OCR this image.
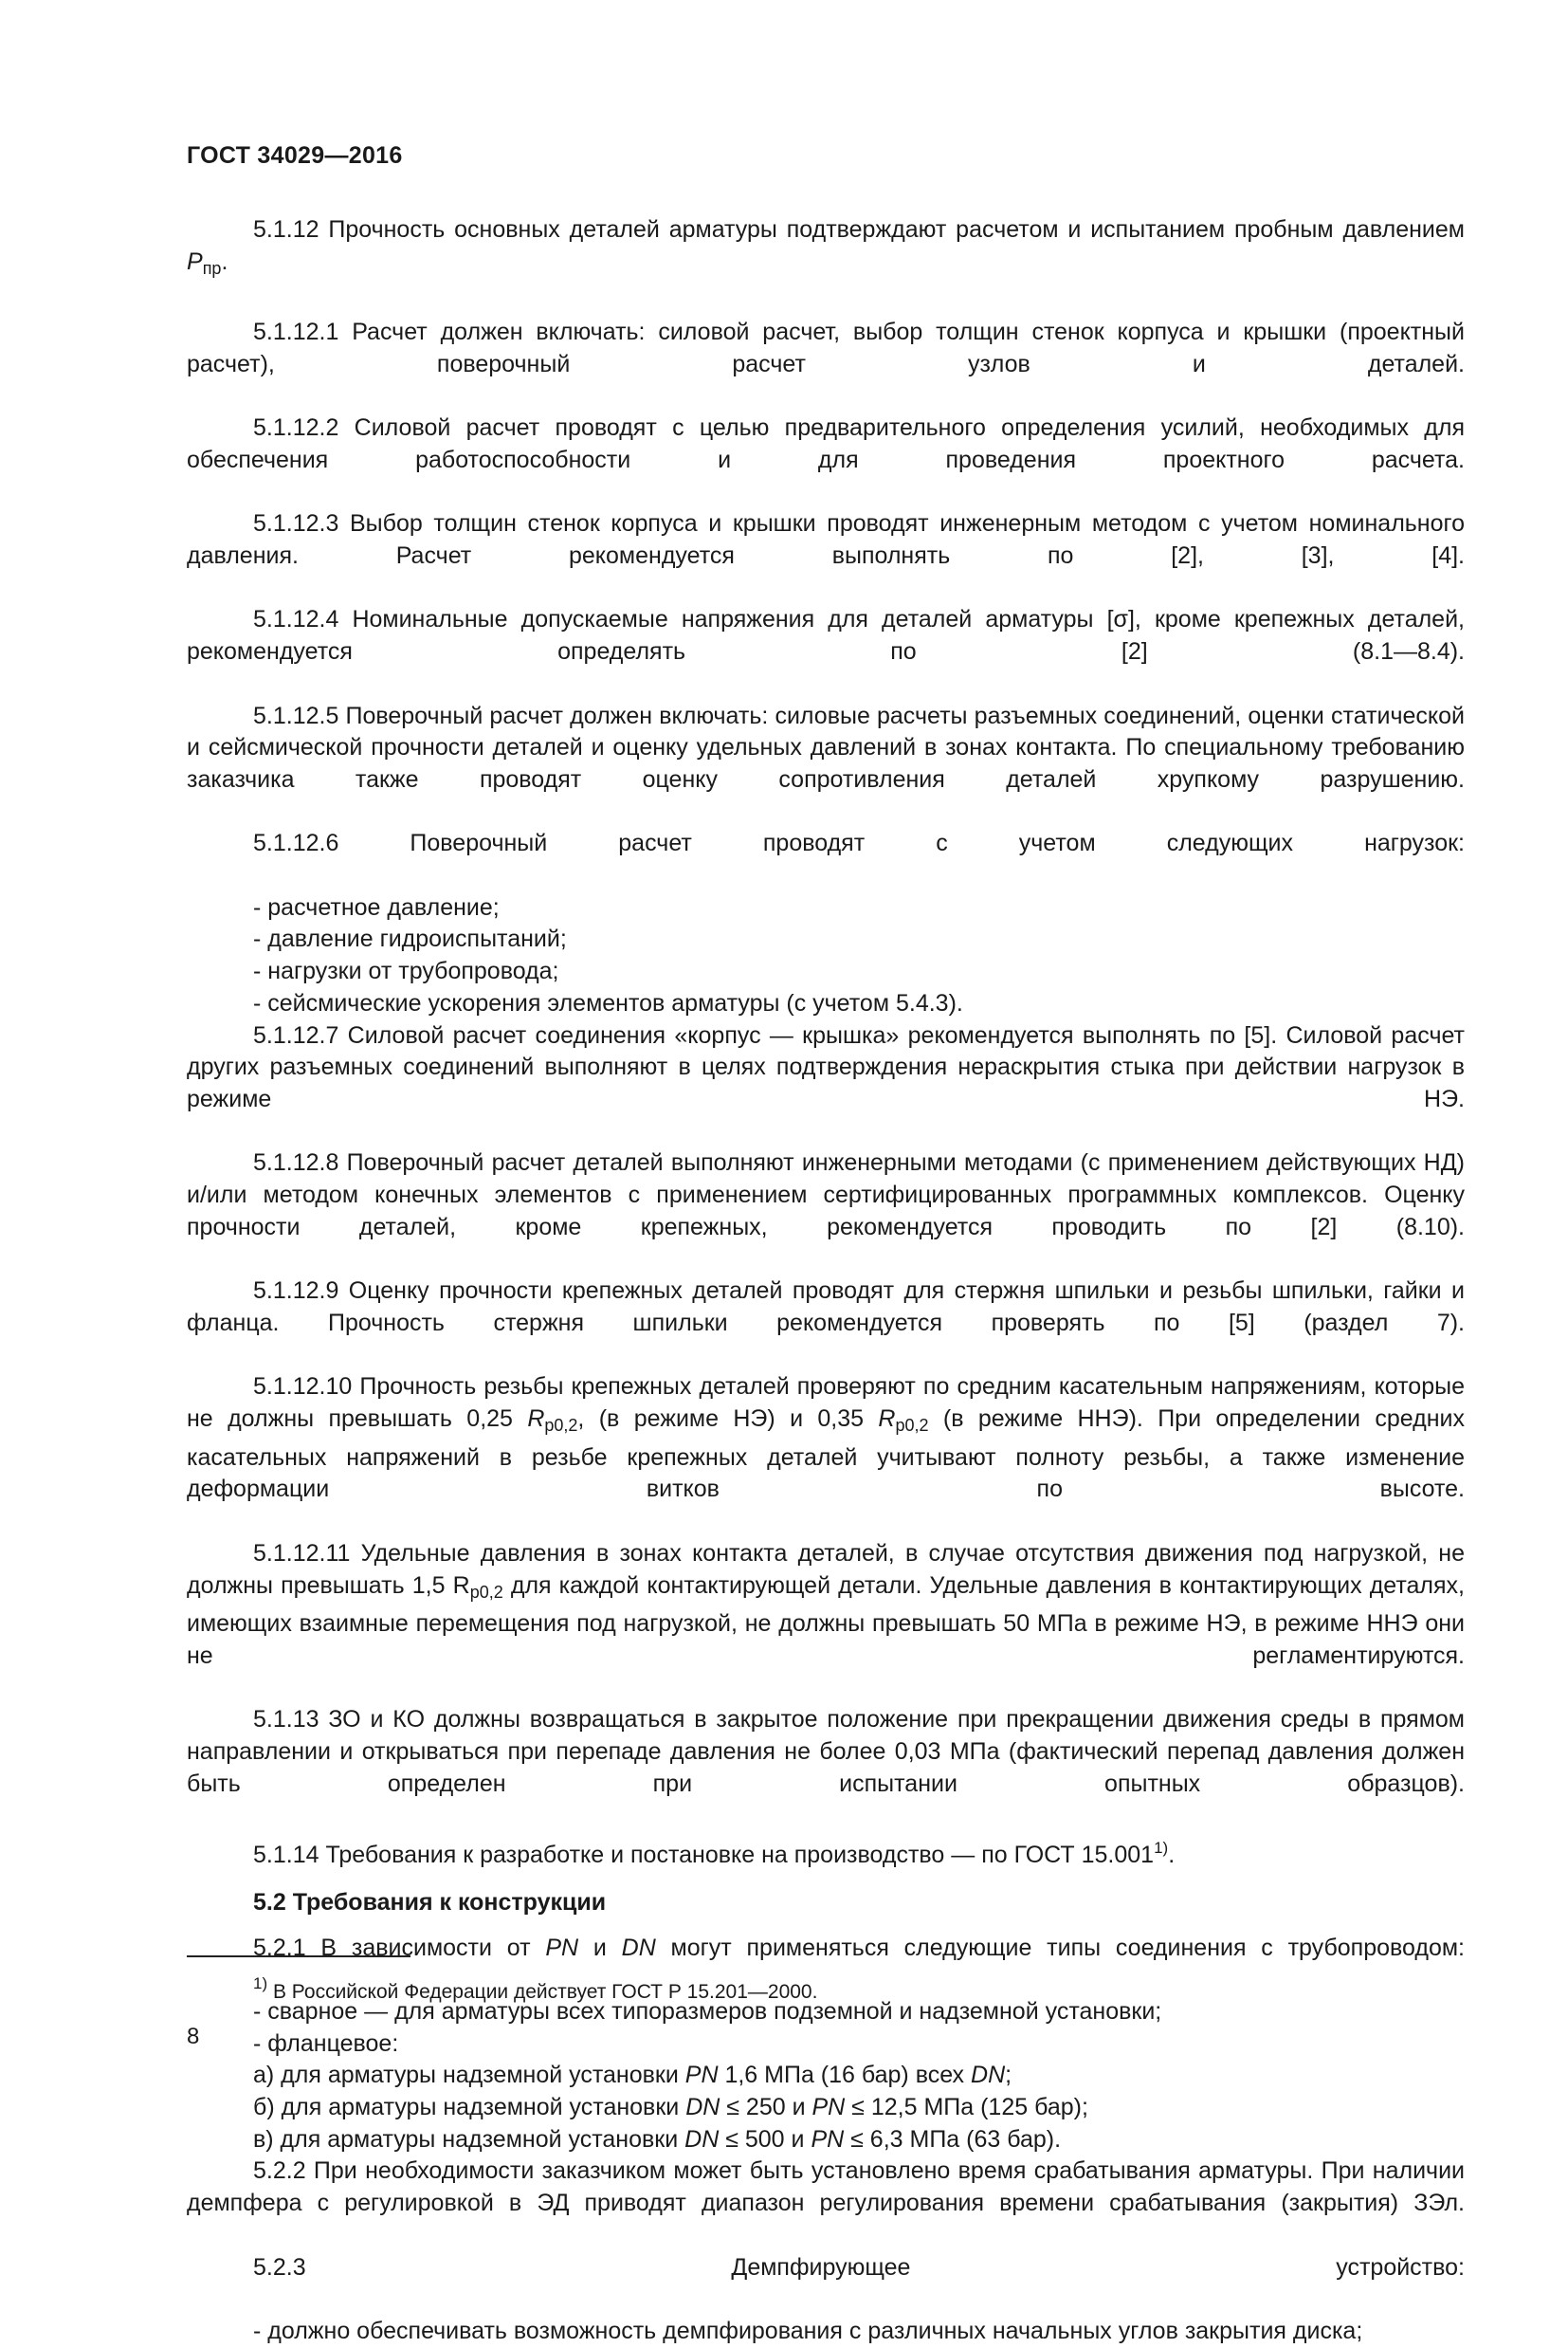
ГОСТ 34029—2016

5.1.12 Прочность основных деталей арматуры подтверждают расчетом и испытанием пробным давлением $P_{пр}$.

5.1.12.1 Расчет должен включать: силовой расчет, выбор толщин стенок корпуса и крышки (проектный расчет), поверочный расчет узлов и деталей.

5.1.12.2 Силовой расчет проводят с целью предварительного определения усилий, необходимых для обеспечения работоспособности и для проведения проектного расчета.

5.1.12.3 Выбор толщин стенок корпуса и крышки проводят инженерным методом с учетом номинального давления. Расчет рекомендуется выполнять по [2], [3], [4].

5.1.12.4 Номинальные допускаемые напряжения для деталей арматуры [σ], кроме крепежных деталей, рекомендуется определять по [2] (8.1—8.4).

5.1.12.5 Поверочный расчет должен включать: силовые расчеты разъемных соединений, оценки статической и сейсмической прочности деталей и оценку удельных давлений в зонах контакта. По специальному требованию заказчика также проводят оценку сопротивления деталей хрупкому разрушению.

5.1.12.6 Поверочный расчет проводят с учетом следующих нагрузок:

- расчетное давление;
- давление гидроиспытаний;
- нагрузки от трубопровода;
- сейсмические ускорения элементов арматуры (с учетом 5.4.3).

5.1.12.7 Силовой расчет соединения «корпус — крышка» рекомендуется выполнять по [5]. Силовой расчет других разъемных соединений выполняют в целях подтверждения нераскрытия стыка при действии нагрузок в режиме НЭ.

5.1.12.8 Поверочный расчет деталей выполняют инженерными методами (с применением действующих НД) и/или методом конечных элементов с применением сертифицированных программных комплексов. Оценку прочности деталей, кроме крепежных, рекомендуется проводить по [2] (8.10).

5.1.12.9 Оценку прочности крепежных деталей проводят для стержня шпильки и резьбы шпильки, гайки и фланца. Прочность стержня шпильки рекомендуется проверять по [5] (раздел 7).

5.1.12.10 Прочность резьбы крепежных деталей проверяют по средним касательным напряжениям, которые не должны превышать 0,25 $R_{p0,2}$, (в режиме НЭ) и 0,35 $R_{p0,2}$ (в режиме ННЭ). При определении средних касательных напряжений в резьбе крепежных деталей учитывают полноту резьбы, а также изменение деформации витков по высоте.

5.1.12.11 Удельные давления в зонах контакта деталей, в случае отсутствия движения под нагрузкой, не должны превышать 1,5 $R_{p0,2}$ для каждой контактирующей детали. Удельные давления в контактирующих деталях, имеющих взаимные перемещения под нагрузкой, не должны превышать 50 МПа в режиме НЭ, в режиме ННЭ они не регламентируются.

5.1.13 ЗО и КО должны возвращаться в закрытое положение при прекращении движения среды в прямом направлении и открываться при перепаде давления не более 0,03 МПа (фактический перепад давления должен быть определен при испытании опытных образцов).

5.1.14 Требования к разработке и постановке на производство — по ГОСТ 15.001$^{1)}$.

5.2 Требования к конструкции

5.2.1 В зависимости от PN и DN могут применяться следующие типы соединения с трубопроводом:

- сварное — для арматуры всех типоразмеров подземной и надземной установки;
- фланцевое:
а) для арматуры надземной установки PN 1,6 МПа (16 бар) всех DN;
б) для арматуры надземной установки DN ≤ 250 и PN ≤ 12,5 МПа (125 бар);
в) для арматуры надземной установки DN ≤ 500 и PN ≤ 6,3 МПа (63 бар).

5.2.2 При необходимости заказчиком может быть установлено время срабатывания арматуры. При наличии демпфера с регулировкой в ЭД приводят диапазон регулирования времени срабатывания (закрытия) ЗЭл.

5.2.3 Демпфирующее устройство:

- должно обеспечивать возможность демпфирования с различных начальных углов закрытия диска;
$^{1)}$ В Российской Федерации действует ГОСТ Р 15.201—2000.
8
